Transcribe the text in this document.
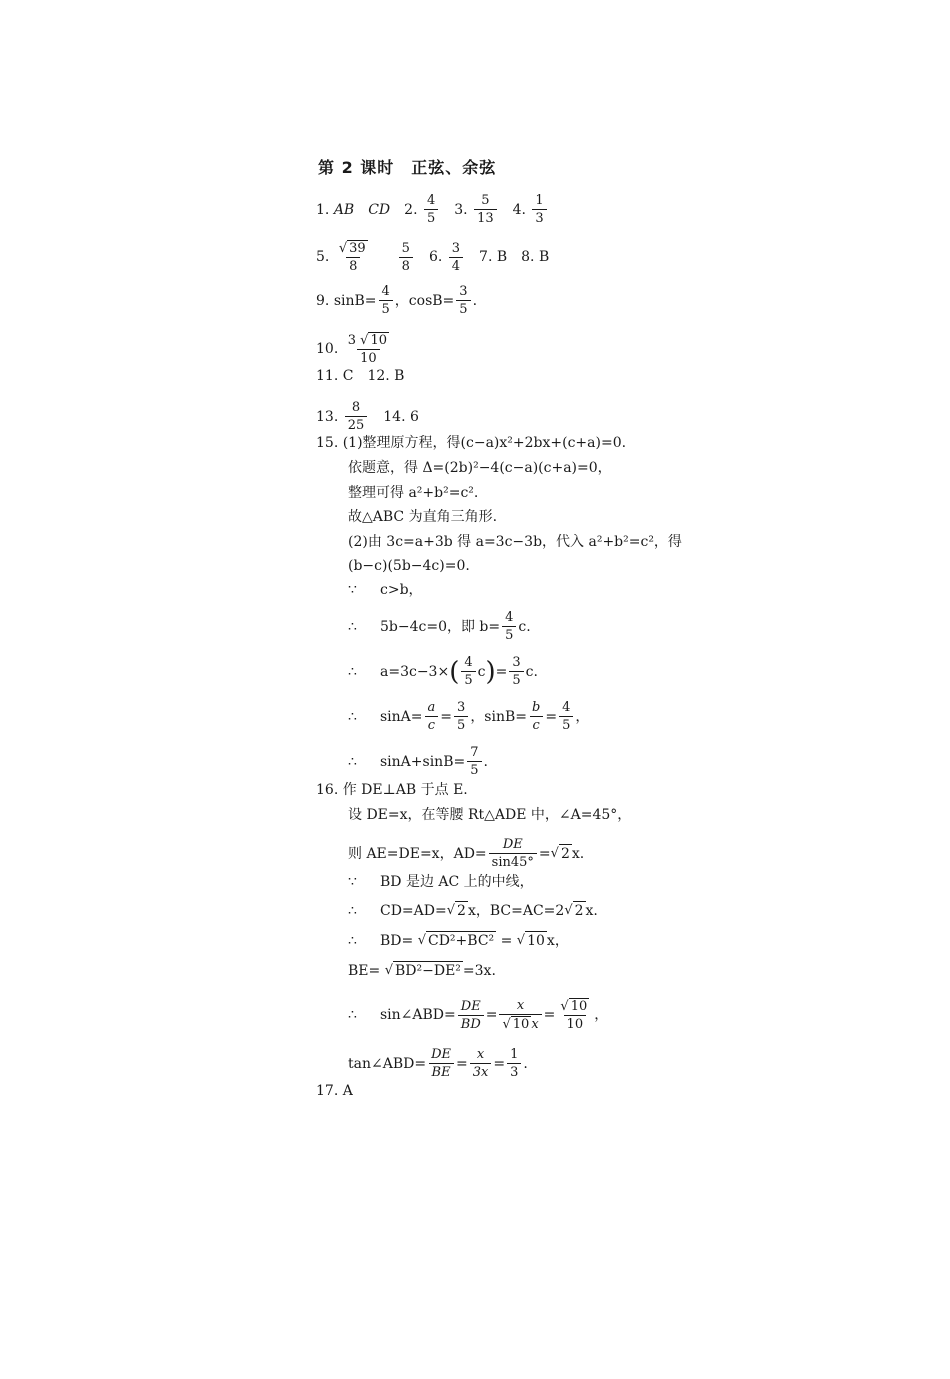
第 2 课时　正弦、余弦
1.
AB CD 2.
$\frac{4}{5} 3$.
$\frac{5}{13} 4$.
$\frac{1}{3}$
5.
$\frac{√ 39}{8} \frac{5}{8} 6$.
$\frac{3}{4} 7$.
B 8.
B
9.
$\sin B= \frac{4}{5}$ ，$\cos B= \frac{3}{5}$ .
10.
$\frac{3 √ 10}{10}$
11.
C 12.
B
13.
$\frac{8}{25} 14$.
6
15.
(1)整理原方程，得(c−a)x²+2bx+(c+a)=0.
依题意，得 Δ=(2b)²−4(c−a)(c+a)=0，
整理可得 a²+b²=c².
故△ABC 为直角三角形.
(2)由 3c=a+3b 得 a=3c−3b，代入 a²+b²=c²，得
(b−c)(5b−4c)=0.
∵	c>b，
∴	5b−4c=0，即 $b= \frac{4}{5} c$.
∴	a=3c−3× ( $\frac{4}{5}$ c ) = $\frac{3}{5} c$.
∴	$\sin A= \frac{a}{c} = \frac{3}{5}$ ，$\sin B= \frac{b}{c} = \frac{4}{5}$ ，
∴	$\sin A+\sin B= \frac{7}{5}$ .
16.
作 DE⊥AB 于点 E.
设 DE=x，在等腰 Rt△ADE 中，∠A=45°，
则 AE=DE=x，$AD= \frac{DE}{\sin 45^\circ}$ = √ 2 x.
∵	BD 是边 AC 上的中线，
∴	CD=AD= √ 2 x，BC=AC=2 √ 2 x.
∴	BD=
√ CD²+BC²
=
√ 10 x，
BE=
√ BD²−DE² =3x.
∴	sin∠ABD= $\frac{DE}{BD} = \frac{x}{√ 10 x} = \frac{√ 10}{10}$ ，
tan∠ABD= $\frac{DE}{BE} = \frac{x}{3x} = \frac{1}{3}$ .
17.
A
